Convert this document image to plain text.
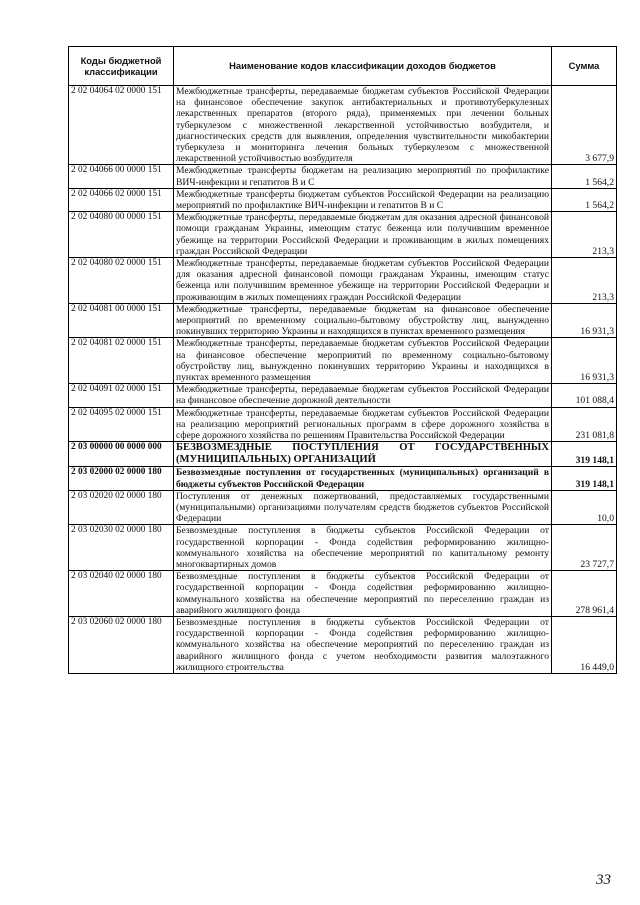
Коды бюджетной классификации	Наименование кодов классификации доходов бюджетов	Сумма
2 02 04064 02 0000 151	Межбюджетные трансферты, передаваемые бюджетам субъектов Российской Федерации на финансовое обеспечение закупок антибактериальных и противотуберкулезных лекарственных препаратов (второго ряда), применяемых при лечении больных туберкулезом с множественной лекарственной устойчивостью возбудителя, и диагностических средств для выявления, определения чувствительности микобактерии туберкулеза и мониторинга лечения больных туберкулезом с множественной лекарственной устойчивостью возбудителя	3 677,9
2 02 04066 00 0000 151	Межбюджетные трансферты бюджетам на реализацию мероприятий по профилактике ВИЧ-инфекции и гепатитов В и С	1 564,2
2 02 04066 02 0000 151	Межбюджетные трансферты бюджетам субъектов Российской Федерации на реализацию мероприятий по профилактике ВИЧ-инфекции и гепатитов В и С	1 564,2
2 02 04080 00 0000 151	Межбюджетные трансферты, передаваемые бюджетам для оказания адресной финансовой помощи гражданам Украины, имеющим статус беженца или получившим временное убежище на территории Российской Федерации и проживающим в жилых помещениях граждан Российской Федерации	213,3
2 02 04080 02 0000 151	Межбюджетные трансферты, передаваемые бюджетам субъектов Российской Федерации для оказания адресной финансовой помощи гражданам Украины, имеющим статус беженца или получившим временное убежище на территории Российской Федерации и проживающим в жилых помещениях граждан Российской Федерации	213,3
2 02 04081 00 0000 151	Межбюджетные трансферты, передаваемые бюджетам на финансовое обеспечение мероприятий по временному социально-бытовому обустройству лиц, вынужденно покинувших территорию Украины и находящихся в пунктах временного размещения	16 931,3
2 02 04081 02 0000 151	Межбюджетные трансферты, передаваемые бюджетам субъектов Российской Федерации на финансовое обеспечение мероприятий по временному социально-бытовому обустройству лиц, вынужденно покинувших территорию Украины и находящихся в пунктах временного размещения	16 931,3
2 02 04091 02 0000 151	Межбюджетные трансферты, передаваемые бюджетам субъектов Российской Федерации на финансовое обеспечение дорожной деятельности	101 088,4
2 02 04095 02 0000 151	Межбюджетные трансферты, передаваемые бюджетам субъектов Российской Федерации на реализацию мероприятий региональных программ в сфере дорожного хозяйства в сфере дорожного хозяйства по решениям Правительства Российской Федерации	231 081,8
2 03 00000 00 0000 000	БЕЗВОЗМЕЗДНЫЕ ПОСТУПЛЕНИЯ ОТ ГОСУДАРСТВЕННЫХ (МУНИЦИПАЛЬНЫХ) ОРГАНИЗАЦИЙ	319 148,1
2 03 02000 02 0000 180	Безвозмездные поступления от государственных (муниципальных) организаций в бюджеты субъектов Российской Федерации	319 148,1
2 03 02020 02 0000 180	Поступления от денежных пожертвований, предоставляемых государственными (муниципальными) организациями получателям средств бюджетов субъектов Российской Федерации	10,0
2 03 02030 02 0000 180	Безвозмездные поступления в бюджеты субъектов Российской Федерации от государственной корпорации - Фонда содействия реформированию жилищно-коммунального хозяйства на обеспечение мероприятий по капитальному ремонту многоквартирных домов	23 727,7
2 03 02040 02 0000 180	Безвозмездные поступления в бюджеты субъектов Российской Федерации от государственной корпорации - Фонда содействия реформированию жилищно-коммунального хозяйства на обеспечение мероприятий по переселению граждан из аварийного жилищного фонда	278 961,4
2 03 02060 02 0000 180	Безвозмездные поступления в бюджеты субъектов Российской Федерации от государственной корпорации - Фонда содействия реформированию жилищно-коммунального хозяйства на обеспечение мероприятий по переселению граждан из аварийного жилищного фонда с учетом необходимости развития малоэтажного жилищного строительства	16 449,0
33
